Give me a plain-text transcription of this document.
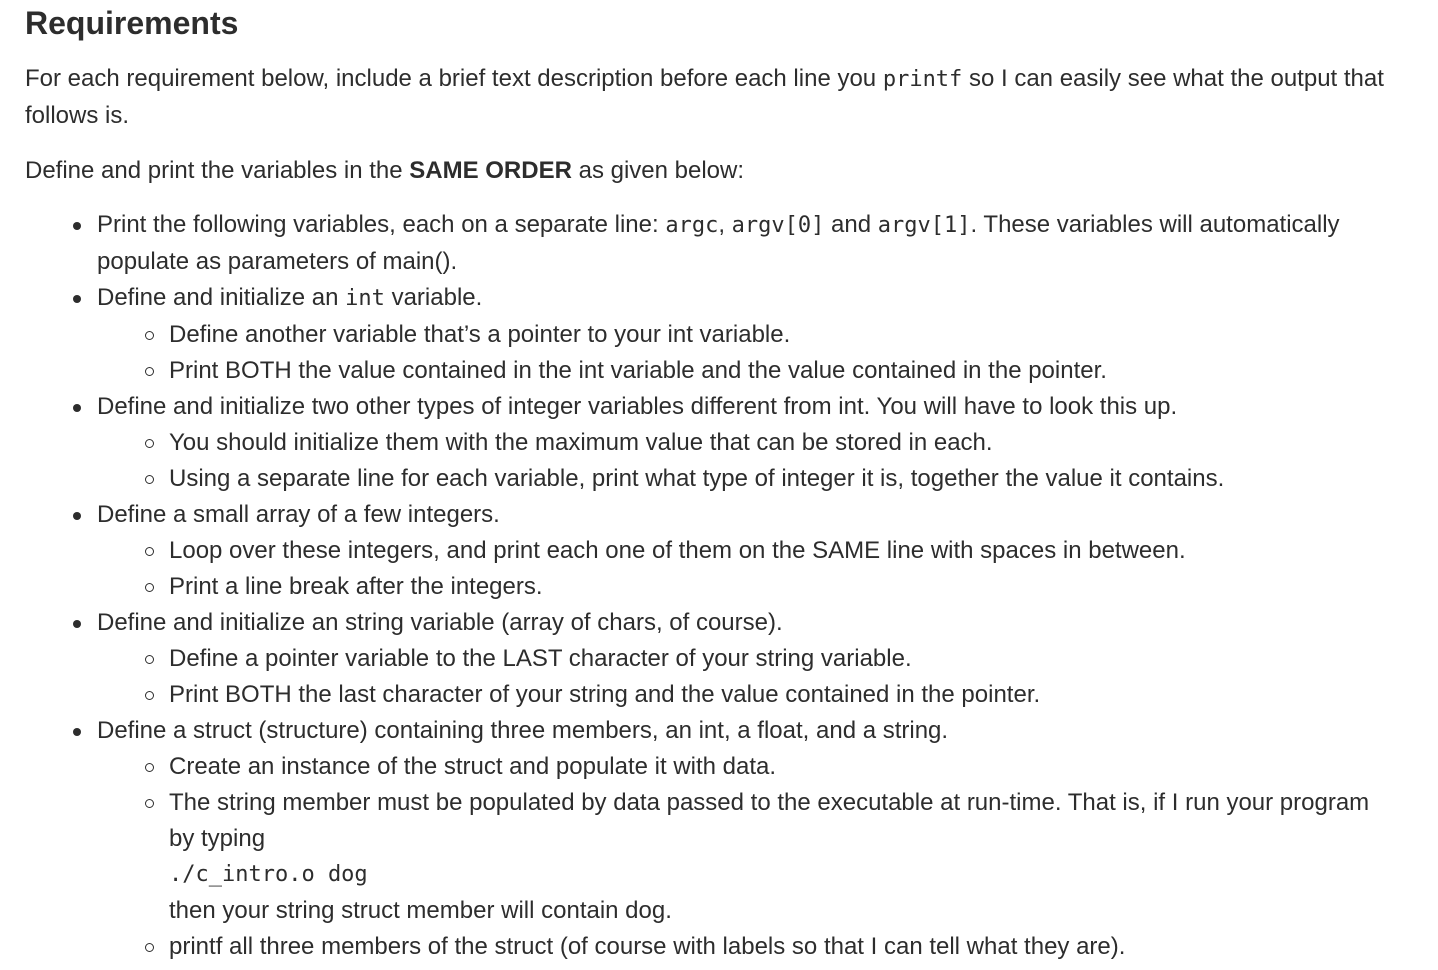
Requirements

For each requirement below, include a brief text description before each line you printf so I can easily see what the output that follows is.

Define and print the variables in the SAME ORDER as given below:

Print the following variables, each on a separate line: argc, argv[0] and argv[1]. These variables will automatically populate as parameters of main().
Define and initialize an int variable.
Define another variable that’s a pointer to your int variable.
Print BOTH the value contained in the int variable and the value contained in the pointer.
Define and initialize two other types of integer variables different from int. You will have to look this up.
You should initialize them with the maximum value that can be stored in each.
Using a separate line for each variable, print what type of integer it is, together the value it contains.
Define a small array of a few integers.
Loop over these integers, and print each one of them on the SAME line with spaces in between.
Print a line break after the integers.
Define and initialize an string variable (array of chars, of course).
Define a pointer variable to the LAST character of your string variable.
Print BOTH the last character of your string and the value contained in the pointer.
Define a struct (structure) containing three members, an int, a float, and a string.
Create an instance of the struct and populate it with data.
The string member must be populated by data passed to the executable at run-time. That is, if I run your program by typing
./c_intro.o dog
then your string struct member will contain dog.
printf all three members of the struct (of course with labels so that I can tell what they are).
